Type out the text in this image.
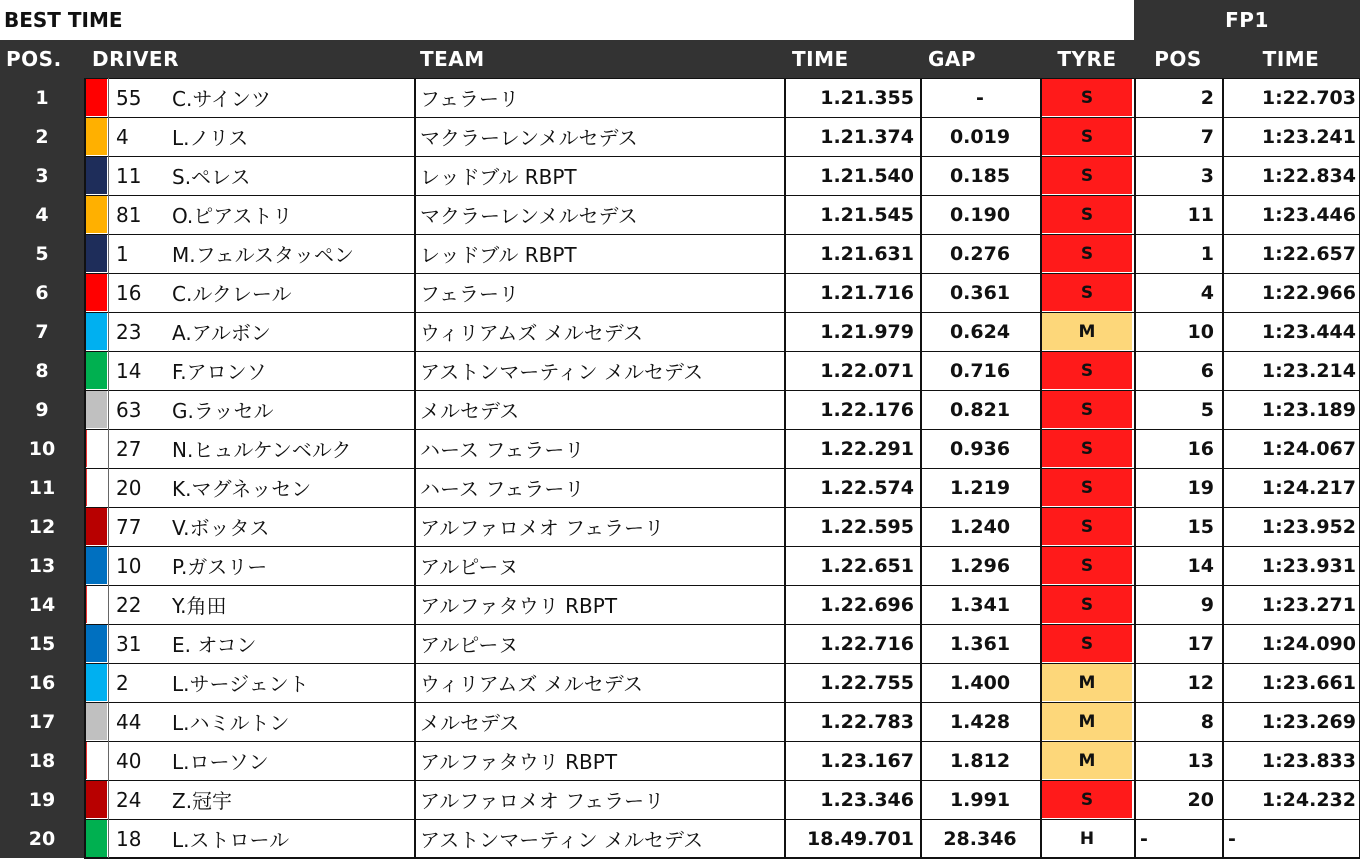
BEST TIME	FP1
POS.	DRIVER	TEAM	TIME	GAP	TYRE	POS	TIME
1	55	C.サインツ	フェラーリ	1.21.355	-	S	2	1:22.703
2	4	L.ノリス	マクラーレンメルセデス	1.21.374	0.019	S	7	1:23.241
3	11	S.ペレス	レッドブル RBPT	1.21.540	0.185	S	3	1:22.834
4	81	O.ピアストリ	マクラーレンメルセデス	1.21.545	0.190	S	11	1:23.446
5	1	M.フェルスタッペン	レッドブル RBPT	1.21.631	0.276	S	1	1:22.657
6	16	C.ルクレール	フェラーリ	1.21.716	0.361	S	4	1:22.966
7	23	A.アルボン	ウィリアムズ メルセデス	1.21.979	0.624	M	10	1:23.444
8	14	F.アロンソ	アストンマーティン メルセデス	1.22.071	0.716	S	6	1:23.214
9	63	G.ラッセル	メルセデス	1.22.176	0.821	S	5	1:23.189
10	27	N.ヒュルケンベルク	ハース フェラーリ	1.22.291	0.936	S	16	1:24.067
11	20	K.マグネッセン	ハース フェラーリ	1.22.574	1.219	S	19	1:24.217
12	77	V.ボッタス	アルファロメオ フェラーリ	1.22.595	1.240	S	15	1:23.952
13	10	P.ガスリー	アルピーヌ	1.22.651	1.296	S	14	1:23.931
14	22	Y.角田	アルファタウリ RBPT	1.22.696	1.341	S	9	1:23.271
15	31	E. オコン	アルピーヌ	1.22.716	1.361	S	17	1:24.090
16	2	L.サージェント	ウィリアムズ メルセデス	1.22.755	1.400	M	12	1:23.661
17	44	L.ハミルトン	メルセデス	1.22.783	1.428	M	8	1:23.269
18	40	L.ローソン	アルファタウリ RBPT	1.23.167	1.812	M	13	1:23.833
19	24	Z.冠宇	アルファロメオ フェラーリ	1.23.346	1.991	S	20	1:24.232
20	18	L.ストロール	アストンマーティン メルセデス	18.49.701	28.346	H	-	-
